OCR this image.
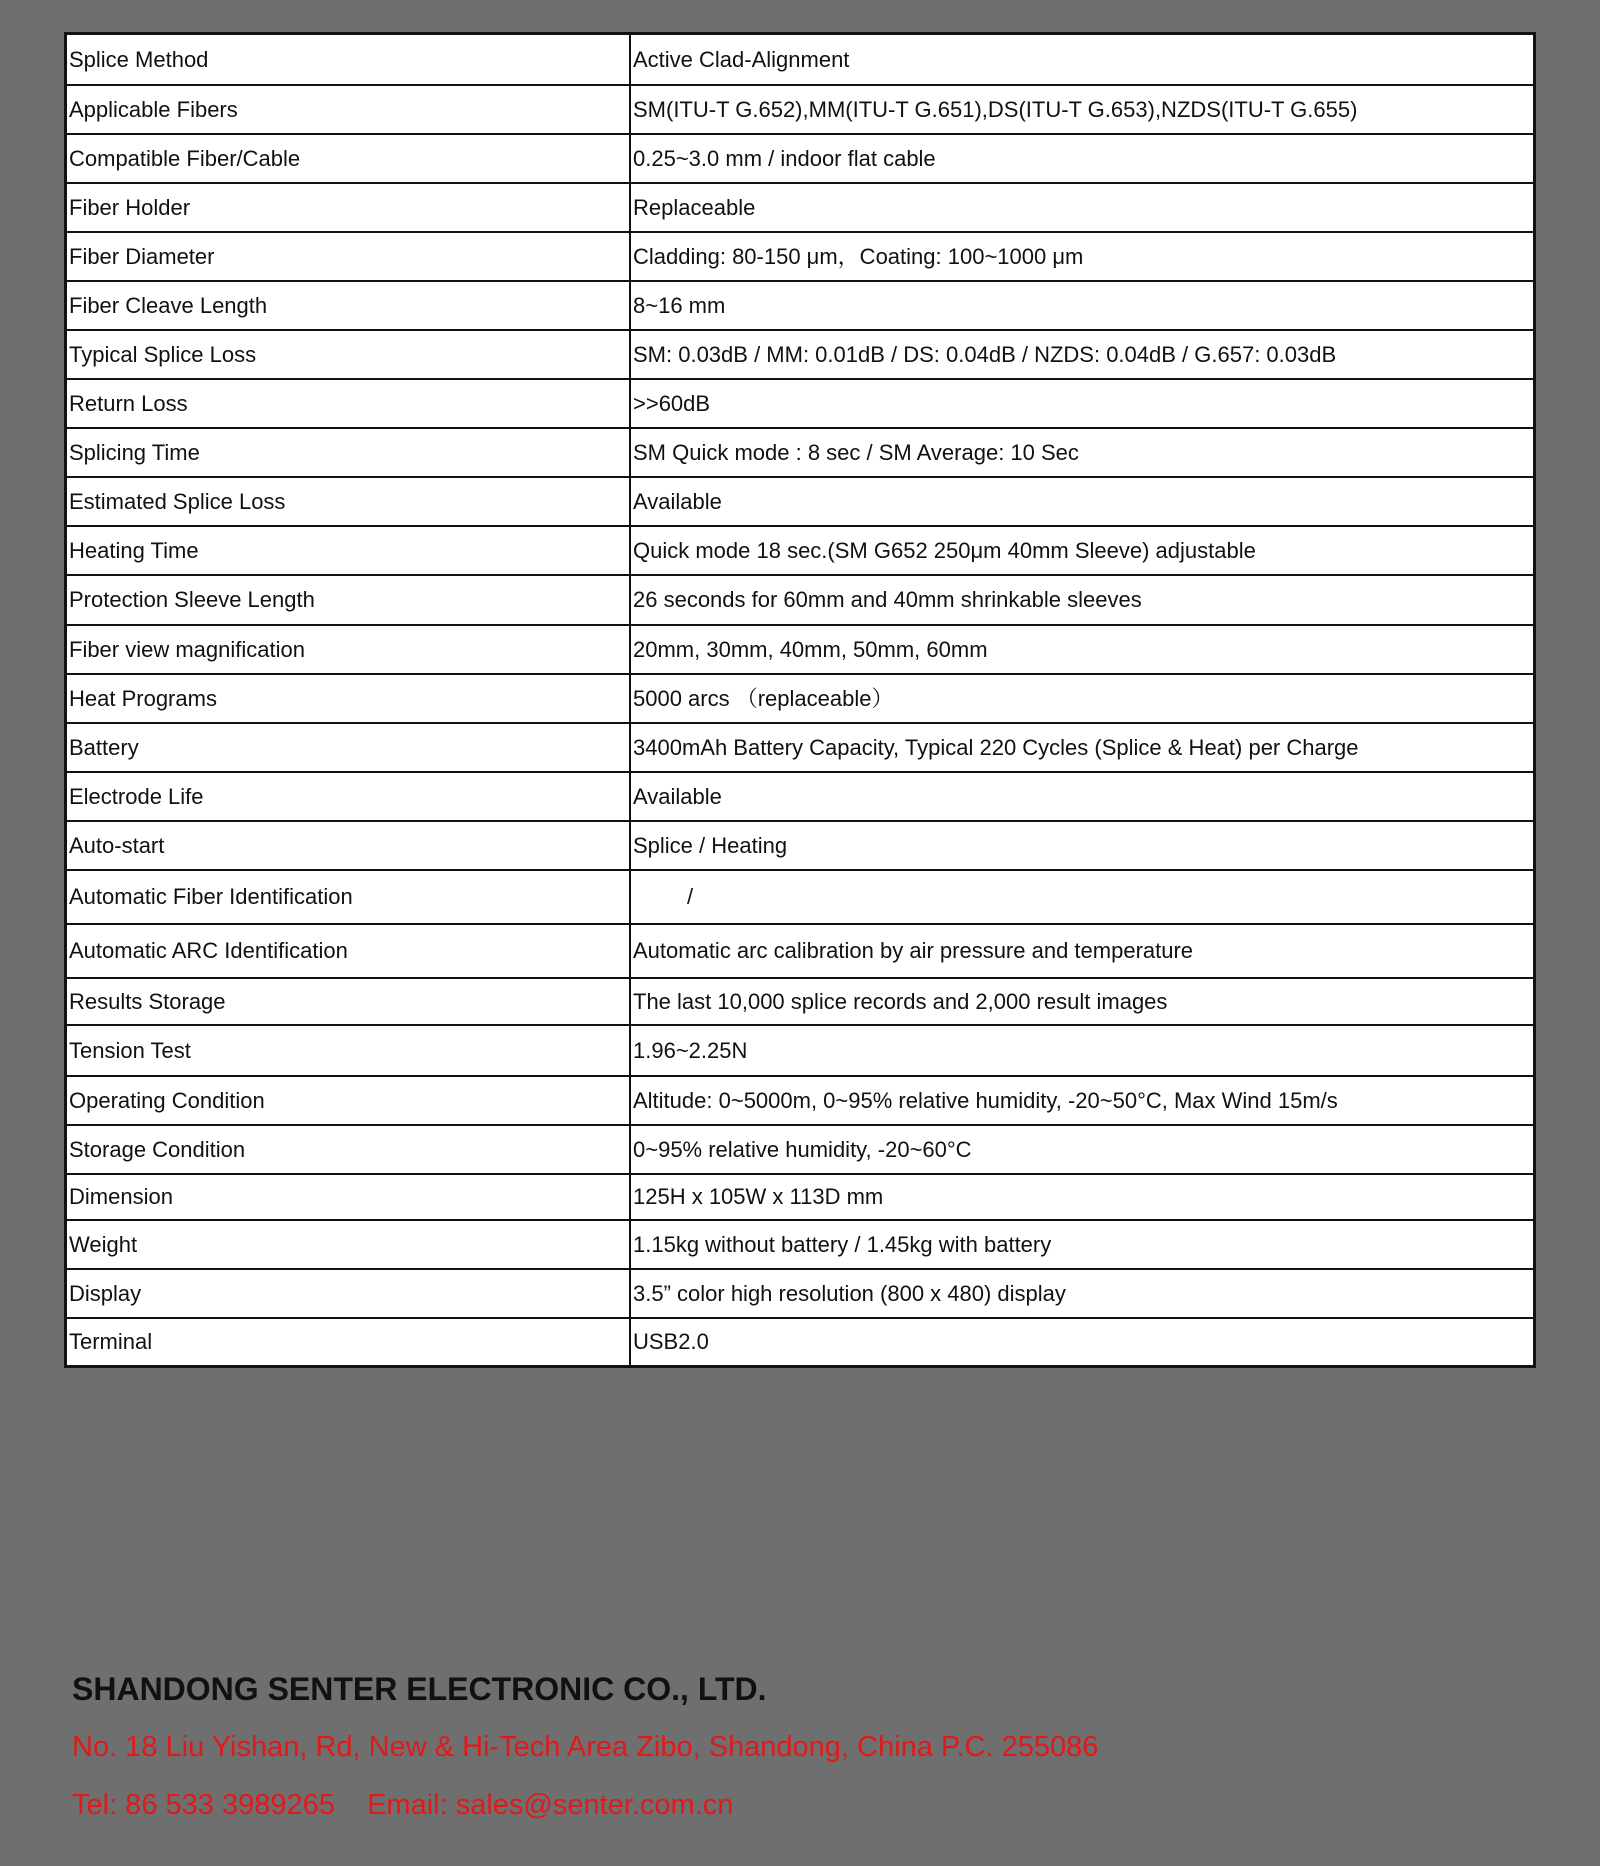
Splice Method	Active Clad-Alignment
Applicable Fibers	SM(ITU-T G.652),MM(ITU-T G.651),DS(ITU-T G.653),NZDS(ITU-T G.655)
Compatible Fiber/Cable	0.25~3.0 mm / indoor flat cable
Fiber Holder	Replaceable
Fiber Diameter	Cladding: 80-150 μm，Coating: 100~1000 μm
Fiber Cleave Length	8~16 mm
Typical Splice Loss	SM: 0.03dB / MM: 0.01dB / DS: 0.04dB / NZDS: 0.04dB / G.657: 0.03dB
Return Loss	>>60dB
Splicing Time	SM Quick mode : 8 sec / SM Average: 10 Sec
Estimated Splice Loss	Available
Heating Time	Quick mode 18 sec.(SM G652 250μm 40mm Sleeve) adjustable
Protection Sleeve Length	26 seconds for 60mm and 40mm shrinkable sleeves
Fiber view magnification	20mm, 30mm, 40mm, 50mm, 60mm
Heat Programs	5000 arcs （replaceable）
Battery	3400mAh Battery Capacity, Typical 220 Cycles (Splice & Heat) per Charge
Electrode Life	Available
Auto-start	Splice / Heating
Automatic Fiber Identification	/
Automatic ARC Identification	Automatic arc calibration by air pressure and temperature
Results Storage	The last 10,000 splice records and 2,000 result images
Tension Test	1.96~2.25N
Operating Condition	Altitude: 0~5000m, 0~95% relative humidity, -20~50°C, Max Wind 15m/s
Storage Condition	0~95% relative humidity, -20~60°C
Dimension	125H x 105W x 113D mm
Weight	1.15kg without battery / 1.45kg with battery
Display	3.5” color high resolution (800 x 480) display
Terminal	USB2.0
SHANDONG SENTER ELECTRONIC CO., LTD.
No. 18 Liu Yishan, Rd, New & Hi-Tech Area Zibo, Shandong, China P.C. 255086
Tel: 86 533 3989265 Email: sales@senter.com.cn
